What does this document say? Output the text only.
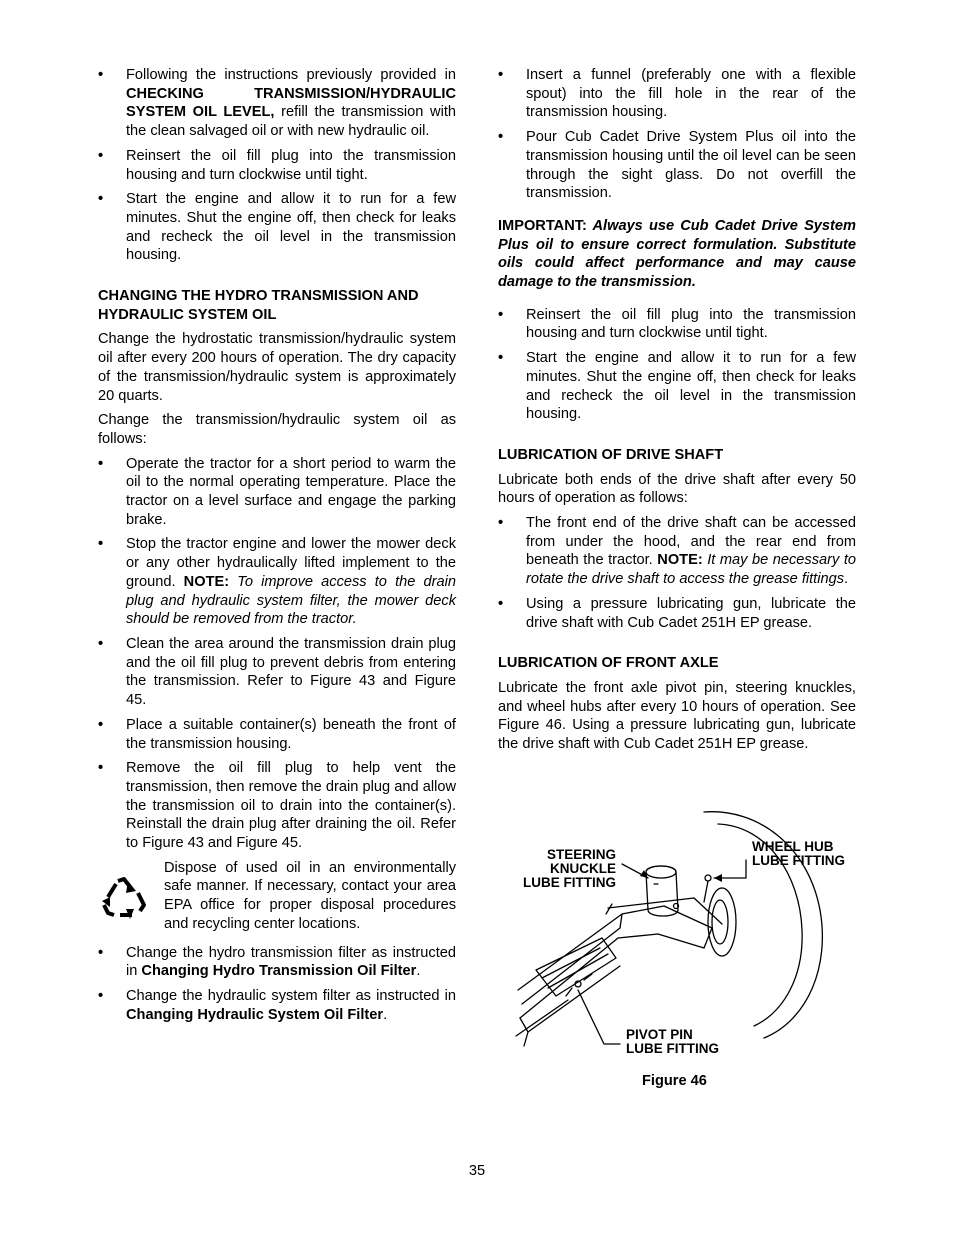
• Following the instructions previously provided in CHECKING TRANSMISSION/HYDRAULIC SYSTEM OIL LEVEL, refill the transmission with the clean salvaged oil or with new hydraulic oil.
• Reinsert the oil fill plug into the transmission housing and turn clockwise until tight.
• Start the engine and allow it to run for a few minutes. Shut the engine off, then check for leaks and recheck the oil level in the transmission housing.
CHANGING THE HYDRO TRANSMISSION AND HYDRAULIC SYSTEM OIL

Change the hydrostatic transmission/hydraulic system oil after every 200 hours of operation. The dry capacity of the transmission/hydraulic system is approximately 20 quarts.

Change the transmission/hydraulic system oil as follows:

• Operate the tractor for a short period to warm the oil to the normal operating temperature. Place the tractor on a level surface and engage the parking brake.
• Stop the tractor engine and lower the mower deck or any other hydraulically lifted implement to the ground. NOTE: To improve access to the drain plug and hydraulic system filter, the mower deck should be removed from the tractor.
• Clean the area around the transmission drain plug and the oil fill plug to prevent debris from entering the transmission. Refer to Figure 43 and Figure 45.
• Place a suitable container(s) beneath the front of the transmission housing.
• Remove the oil fill plug to help vent the transmission, then remove the drain plug and allow the transmission oil to drain into the container(s). Reinstall the drain plug after draining the oil. Refer to Figure 43 and Figure 45.
Dispose of used oil in an environmentally safe manner. If necessary, contact your area EPA office for proper disposal procedures and recycling center locations.
• Change the hydro transmission filter as instructed in Changing Hydro Transmission Oil Filter.
• Change the hydraulic system filter as instructed in Changing Hydraulic System Oil Filter.
• Insert a funnel (preferably one with a flexible spout) into the fill hole in the rear of the transmission housing.
• Pour Cub Cadet Drive System Plus oil into the transmission housing until the oil level can be seen through the sight glass. Do not overfill the transmission.
IMPORTANT: Always use Cub Cadet Drive System Plus oil to ensure correct formulation. Substitute oils could affect performance and may cause damage to the transmission.
• Reinsert the oil fill plug into the transmission housing and turn clockwise until tight.
• Start the engine and allow it to run for a few minutes. Shut the engine off, then check for leaks and recheck the oil level in the transmission housing.
LUBRICATION OF DRIVE SHAFT

Lubricate both ends of the drive shaft after every 50 hours of operation as follows:

• The front end of the drive shaft can be accessed from under the hood, and the rear end from beneath the tractor. NOTE: It may be necessary to rotate the drive shaft to access the grease fittings.
• Using a pressure lubricating gun, lubricate the drive shaft with Cub Cadet 251H EP grease.
LUBRICATION OF FRONT AXLE

Lubricate the front axle pivot pin, steering knuckles, and wheel hubs after every 10 hours of operation. See Figure 46. Using a pressure lubricating gun, lubricate the drive shaft with Cub Cadet 251H EP grease.

STEERING
KNUCKLE
LUBE FITTING
WHEEL HUB
LUBE FITTING
PIVOT PIN
LUBE FITTING
Figure 46
35
